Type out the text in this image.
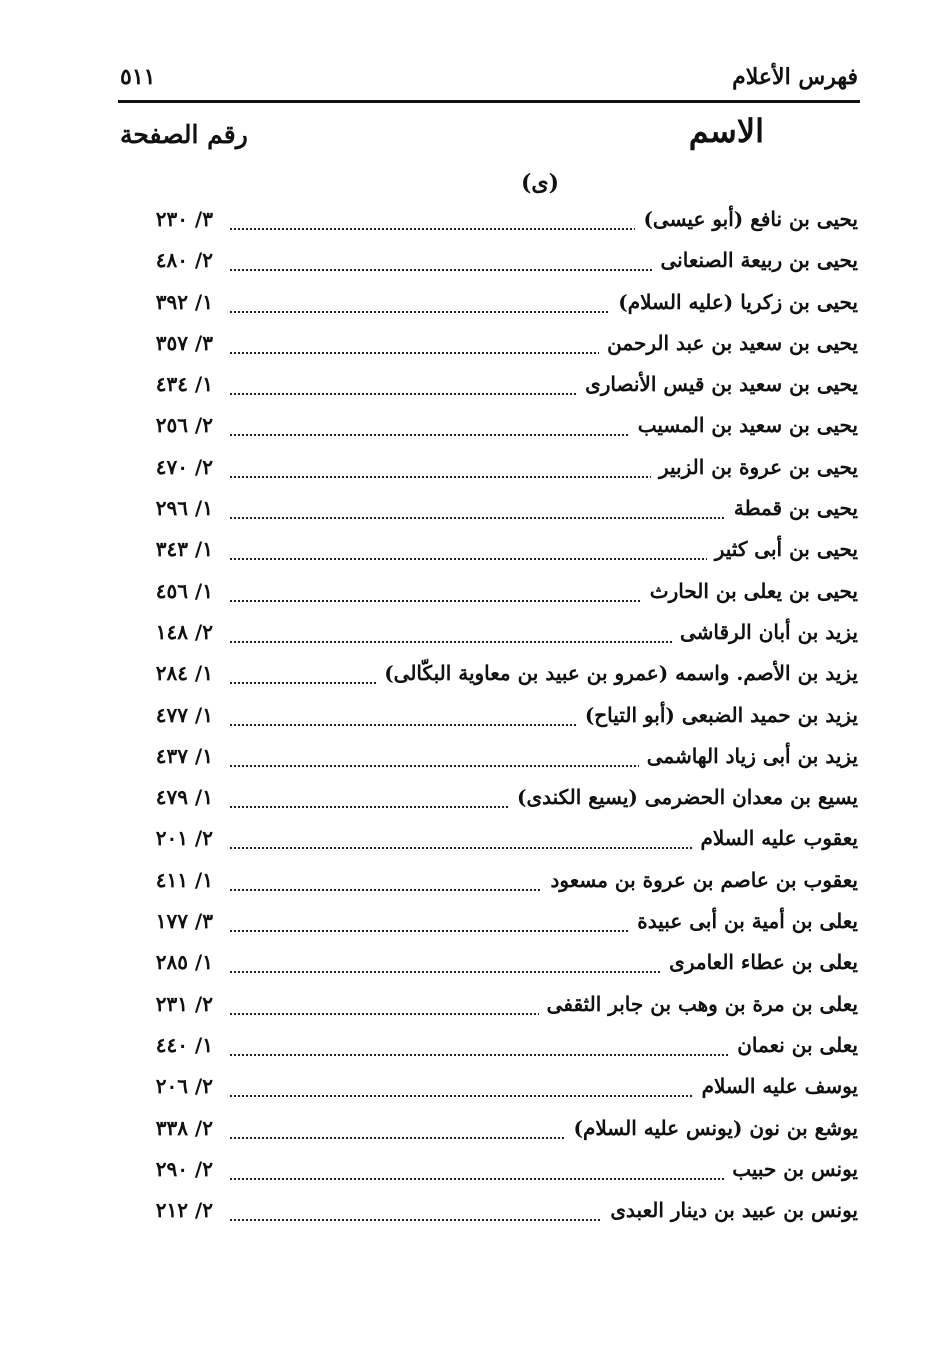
فهرس الأعلام
٥١١
الاسم
رقم الصفحة
(ى)
يحيى بن نافع (أبو عيسى)
٣/ ٢٣٠
يحيى بن ربيعة الصنعانى
٢/ ٤٨٠
يحيى بن زكريا (عليه السلام)
١/ ٣٩٢
يحيى بن سعيد بن عبد الرحمن
٣/ ٣٥٧
يحيى بن سعيد بن قيس الأنصارى
١/ ٤٣٤
يحيى بن سعيد بن المسيب
٢/ ٢٥٦
يحيى بن عروة بن الزبير
٢/ ٤٧٠
يحيى بن قمطة
١/ ٢٩٦
يحيى بن أبى كثير
١/ ٣٤٣
يحيى بن يعلى بن الحارث
١/ ٤٥٦
يزيد بن أبان الرقاشى
٢/ ١٤٨
يزيد بن الأصم. واسمه (عمرو بن عبيد بن معاوية البكّالى)
١/ ٢٨٤
يزيد بن حميد الضبعى (أبو التياح)
١/ ٤٧٧
يزيد بن أبى زياد الهاشمى
١/ ٤٣٧
يسيع بن معدان الحضرمى (يسيع الكندى)
١/ ٤٧٩
يعقوب عليه السلام
٢/ ٢٠١
يعقوب بن عاصم بن عروة بن مسعود
١/ ٤١١
يعلى بن أمية بن أبى عبيدة
٣/ ١٧٧
يعلى بن عطاء العامرى
١/ ٢٨٥
يعلى بن مرة بن وهب بن جابر الثقفى
٢/ ٢٣١
يعلى بن نعمان
١/ ٤٤٠
يوسف عليه السلام
٢/ ٢٠٦
يوشع بن نون (يونس عليه السلام)
٢/ ٣٣٨
يونس بن حبيب
٢/ ٢٩٠
يونس بن عبيد بن دينار العبدى
٢/ ٢١٢
